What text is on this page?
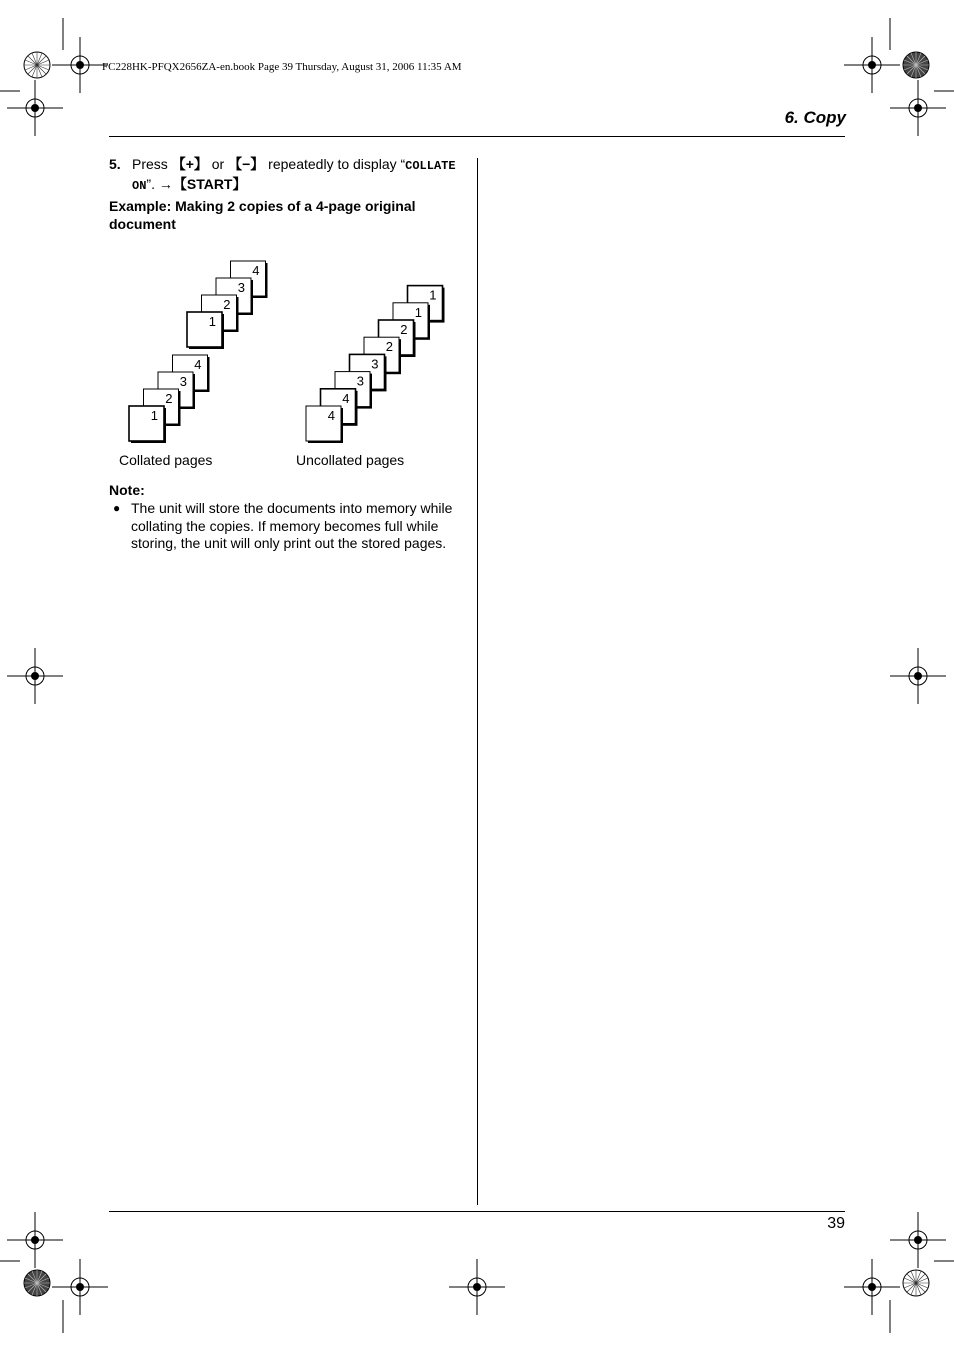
FC228HK-PFQX2656ZA-en.book Page 39 Thursday, August 31, 2006 11:35 AM
6. Copy
5. Press 【+】 or 【−】 repeatedly to display “COLLATE ON”. →【START】
Example: Making 2 copies of a 4-page original document
4
3
2
1
4
3
2
1
1
1
2
2
3
3
4
4
Collated pages	Uncollated pages
Note:
● The unit will store the documents into memory while collating the copies. If memory becomes full while storing, the unit will only print out the stored pages.
39
